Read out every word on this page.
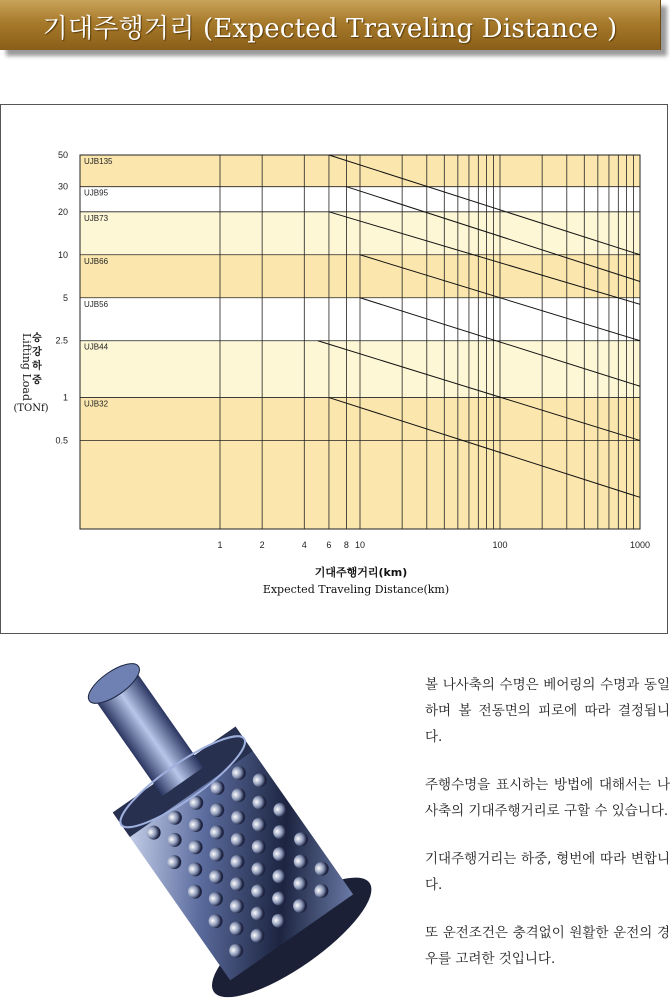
기대주행거리 (Expected Traveling Distance )
UJB135
UJB95
UJB73
UJB66
UJB56
UJB44
UJB32
50
30
20
10
5
2.5
1
0.5
1	2	4 6 8 10	100	1000
기대주행거리(km)
Expected Traveling Distance(km)
승
강
하
중
Lifting Load
(TONf)

볼 나사축의 수명은 베어링의 수명과 동일하며 볼 전동면의 피로에 따라 결정됩니다.

주행수명을 표시하는 방법에 대해서는 나사축의 기대주행거리로 구할 수 있습니다.

기대주행거리는 하중, 형번에 따라 변합니다.

또 운전조건은 충격없이 원활한 운전의 경우를 고려한 것입니다.
